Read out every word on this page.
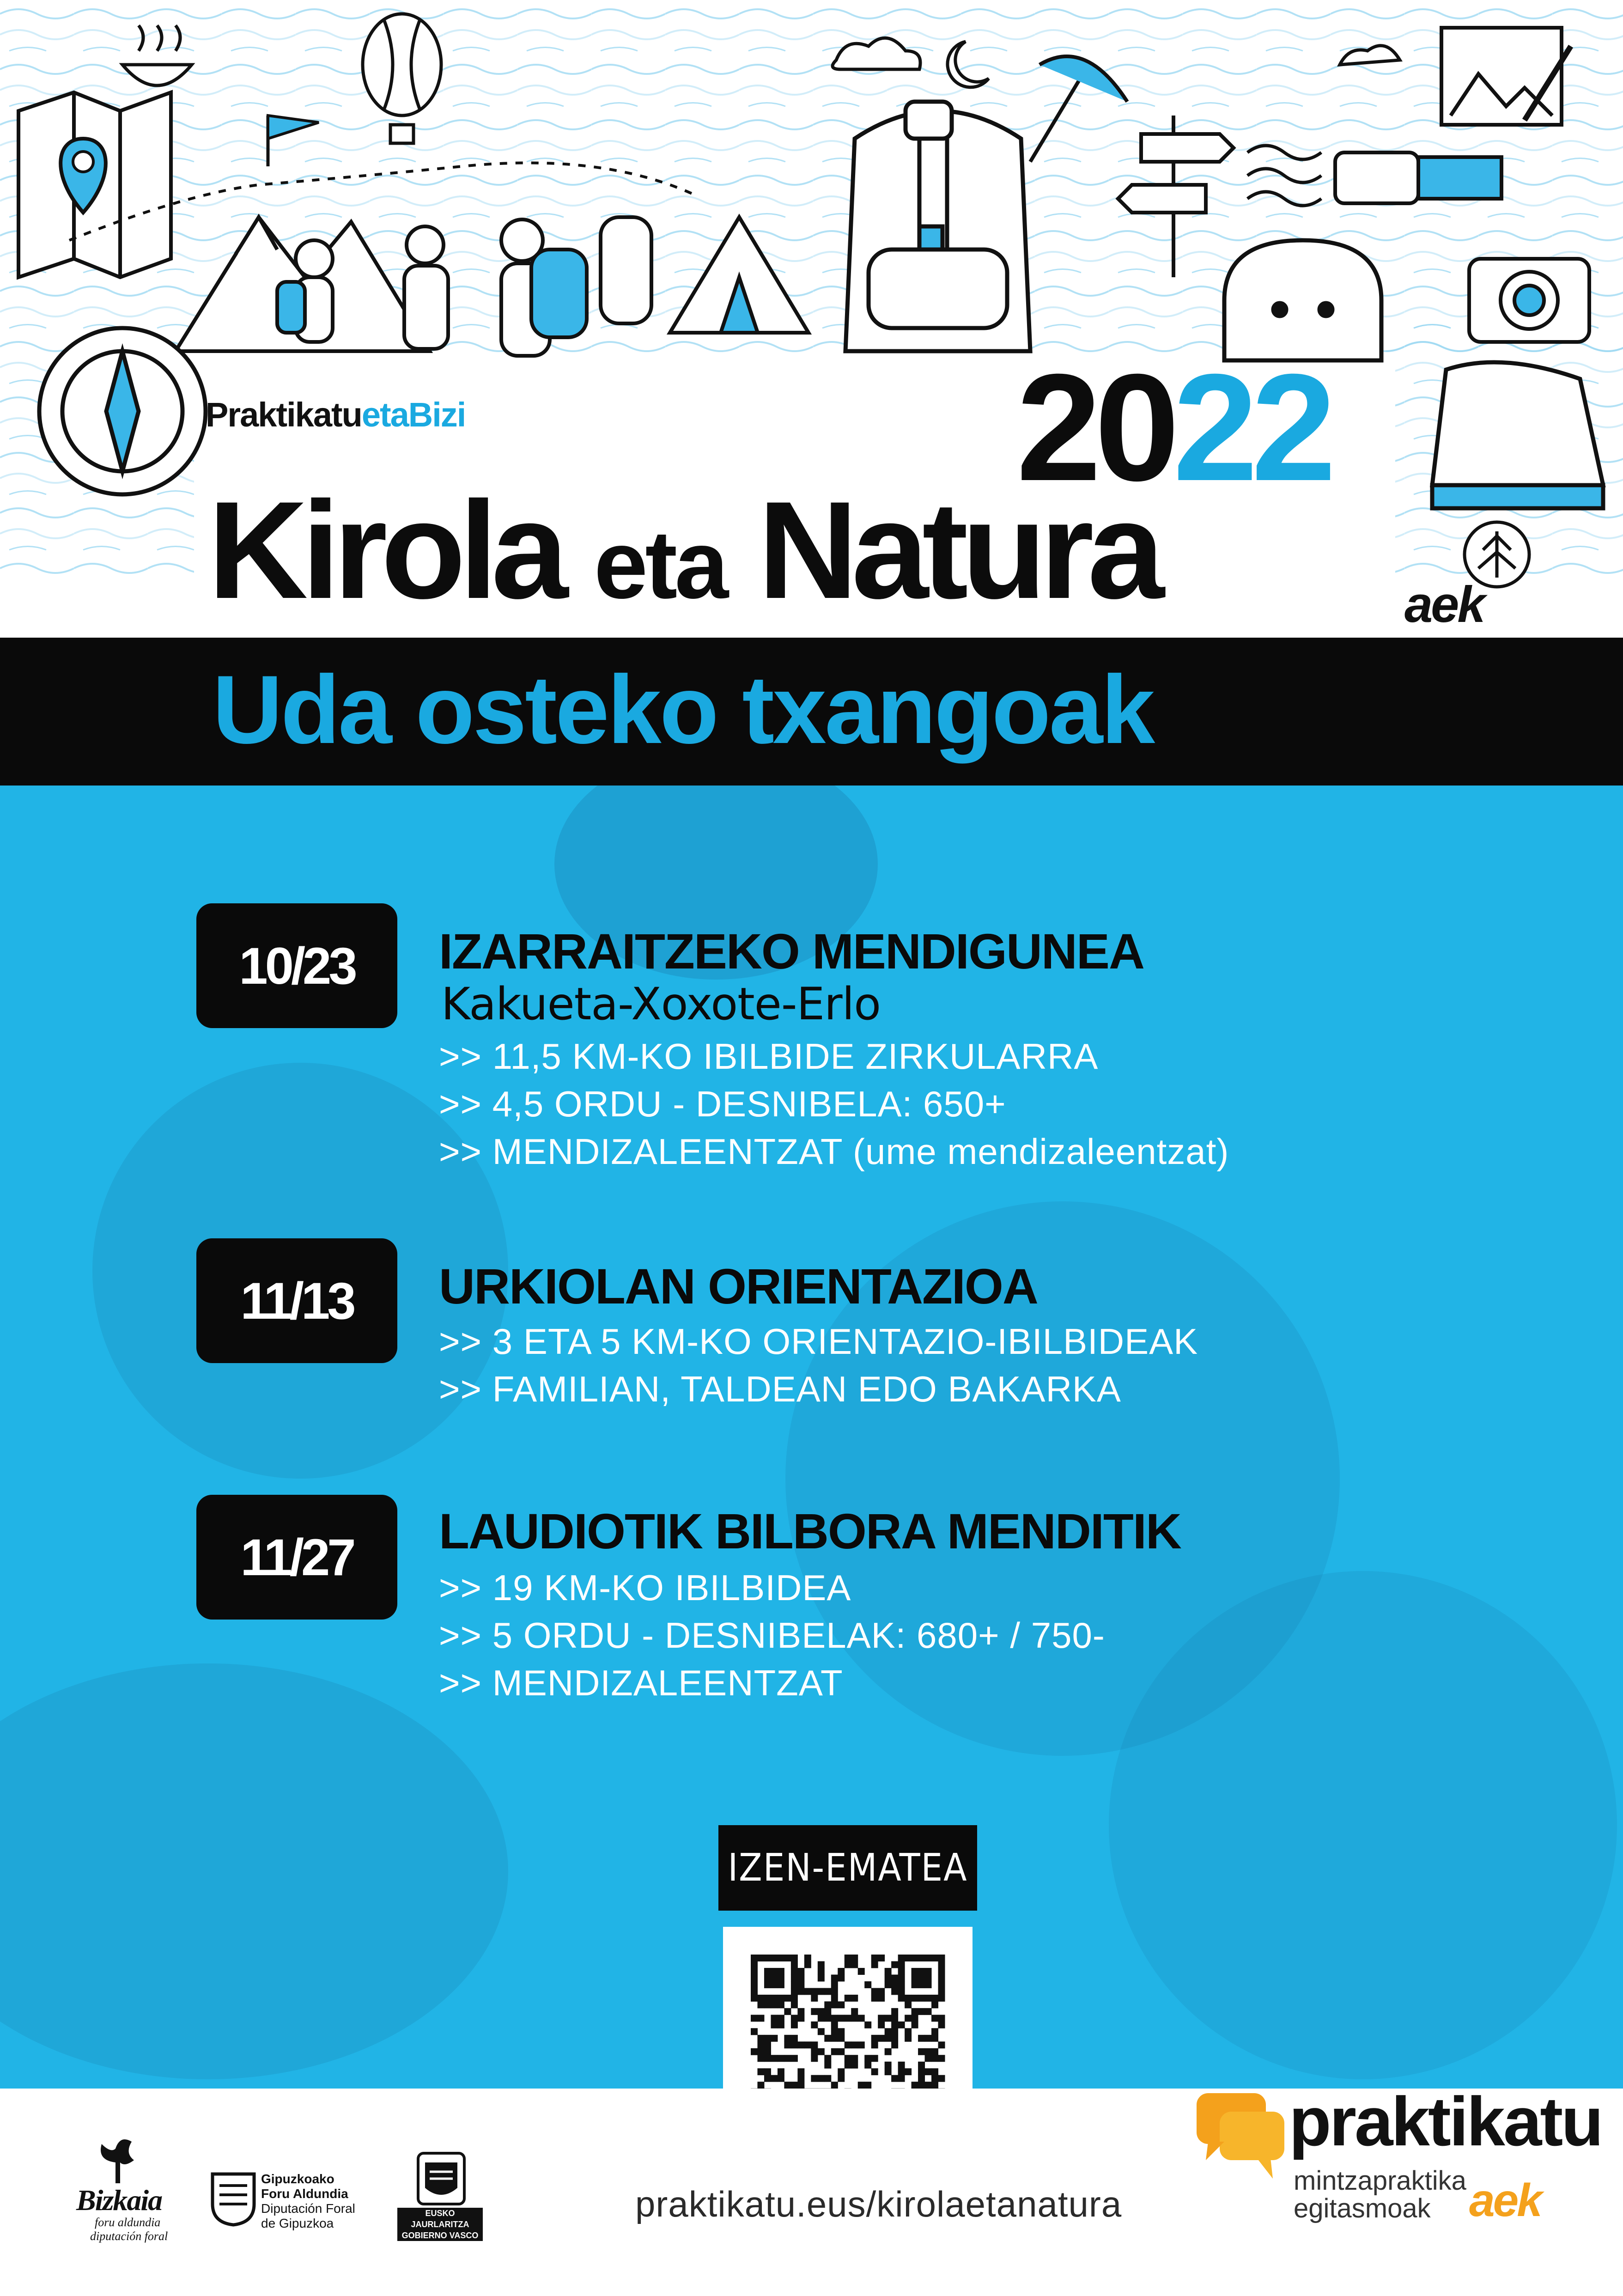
PraktikatuetaBizi	2022
Kirola eta Natura	aek
Uda osteko txangoak
10/23	IZARRAITZEKO MENDIGUNEA
Kakueta-Xoxote-Erlo
>> 11,5 KM-KO IBILBIDE ZIRKULARRA
>> 4,5 ORDU - DESNIBELA: 650+
>> MENDIZALEENTZAT (ume mendizaleentzat)
11/13	URKIOLAN ORIENTAZIOA
>> 3 ETA 5 KM-KO ORIENTAZIO-IBILBIDEAK
>> FAMILIAN, TALDEAN EDO BAKARKA
11/27	LAUDIOTIK BILBORA MENDITIK
>> 19 KM-KO IBILBIDEA
>> 5 ORDU - DESNIBELAK: 680+ / 750-
>> MENDIZALEENTZAT
IZEN-EMATEA
Bizkaia
foru aldundia
diputación foral
Gipuzkoako
Foru Aldundia
Diputación Foral
de Gipuzkoa
EUSKO JAURLARITZA
GOBIERNO VASCO
praktikatu.eus/kirolaetanatura
praktikatu
mintzapraktika
egitasmoak aek
